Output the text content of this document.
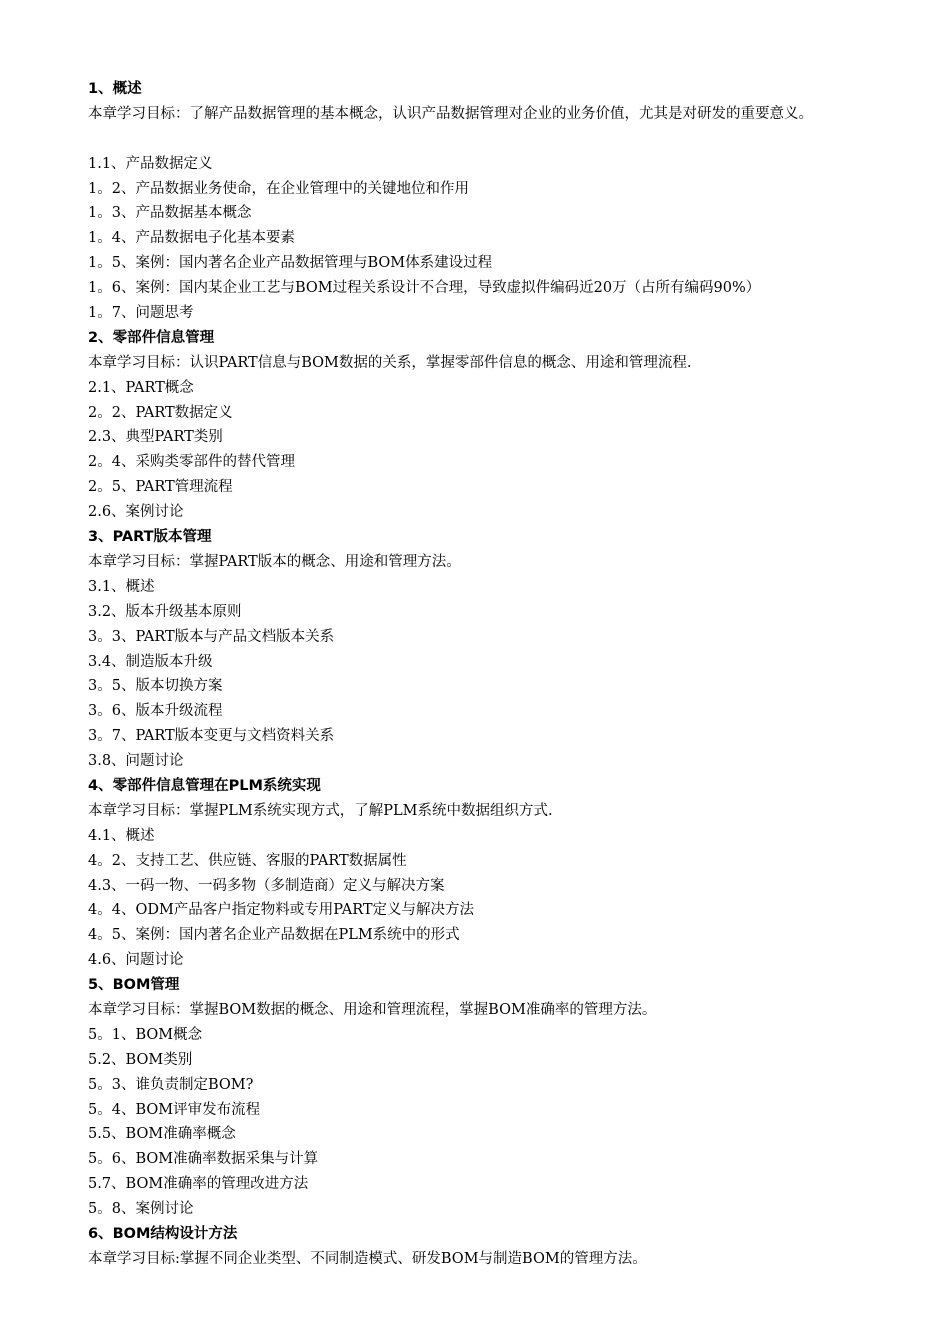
1、概述
本章学习目标：了解产品数据管理的基本概念，认识产品数据管理对企业的业务价值，尤其是对研发的重要意义。
1.1、产品数据定义
1。2、产品数据业务使命，在企业管理中的关键地位和作用
1。3、产品数据基本概念
1。4、产品数据电子化基本要素
1。5、案例：国内著名企业产品数据管理与BOM体系建设过程
1。6、案例：国内某企业工艺与BOM过程关系设计不合理，导致虚拟件编码近20万（占所有编码90%）
1。7、问题思考
2、零部件信息管理
本章学习目标：认识PART信息与BOM数据的关系，掌握零部件信息的概念、用途和管理流程.
2.1、PART概念
2。2、PART数据定义
2.3、典型PART类别
2。4、采购类零部件的替代管理
2。5、PART管理流程
2.6、案例讨论
3、PART版本管理
本章学习目标：掌握PART版本的概念、用途和管理方法。
3.1、概述
3.2、版本升级基本原则
3。3、PART版本与产品文档版本关系
3.4、制造版本升级
3。5、版本切换方案
3。6、版本升级流程
3。7、PART版本变更与文档资料关系
3.8、问题讨论
4、零部件信息管理在PLM系统实现
本章学习目标：掌握PLM系统实现方式，了解PLM系统中数据组织方式.
4.1、概述
4。2、支持工艺、供应链、客服的PART数据属性
4.3、一码一物、一码多物（多制造商）定义与解决方案
4。4、ODM产品客户指定物料或专用PART定义与解决方法
4。5、案例：国内著名企业产品数据在PLM系统中的形式
4.6、问题讨论
5、BOM管理
本章学习目标：掌握BOM数据的概念、用途和管理流程，掌握BOM准确率的管理方法。
5。1、BOM概念
5.2、BOM类别
5。3、谁负责制定BOM?
5。4、BOM评审发布流程
5.5、BOM准确率概念
5。6、BOM准确率数据采集与计算
5.7、BOM准确率的管理改进方法
5。8、案例讨论
6、BOM结构设计方法
本章学习目标:掌握不同企业类型、不同制造模式、研发BOM与制造BOM的管理方法。
